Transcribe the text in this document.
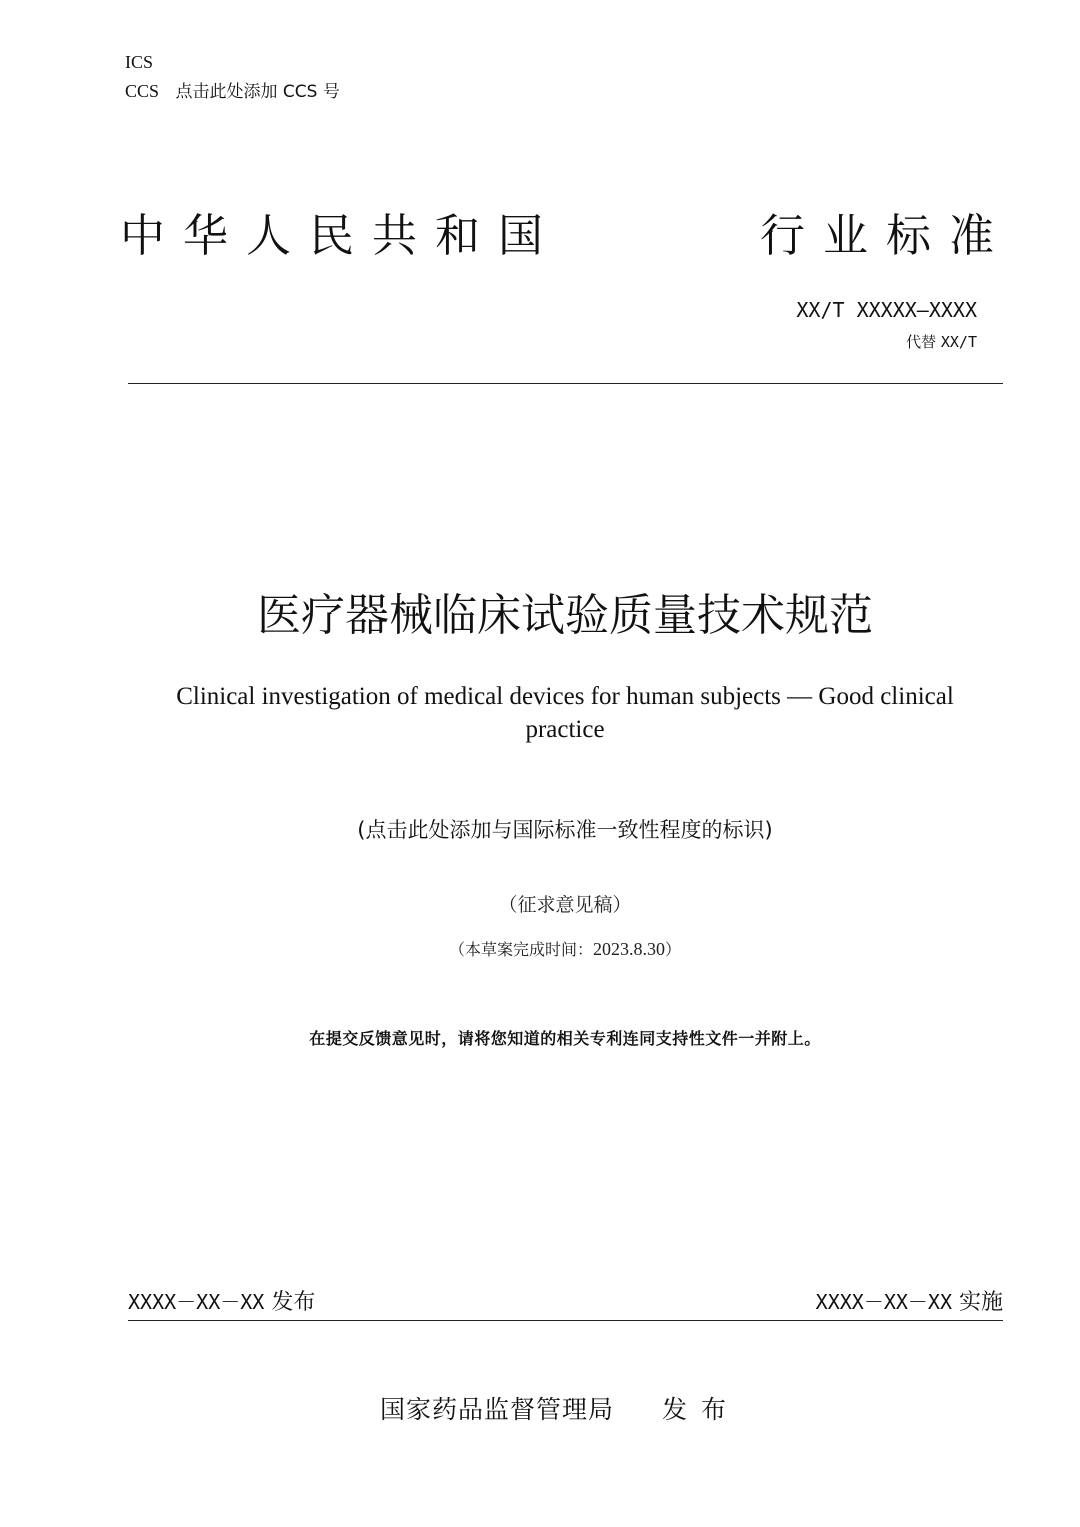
ICS
CCS 点击此处添加 CCS 号
中华人民共和国	行业标准
XX/T XXXXX—XXXX
代替 XX/T
医疗器械临床试验质量技术规范
Clinical investigation of medical devices for human subjects — Good clinical practice
(点击此处添加与国际标准一致性程度的标识)
（征求意见稿）
（本草案完成时间：2023.8.30）
在提交反馈意见时，请将您知道的相关专利连同支持性文件一并附上。
XXXX－XX－XX 发布	XXXX－XX－XX 实施
国家药品监督管理局 发布
